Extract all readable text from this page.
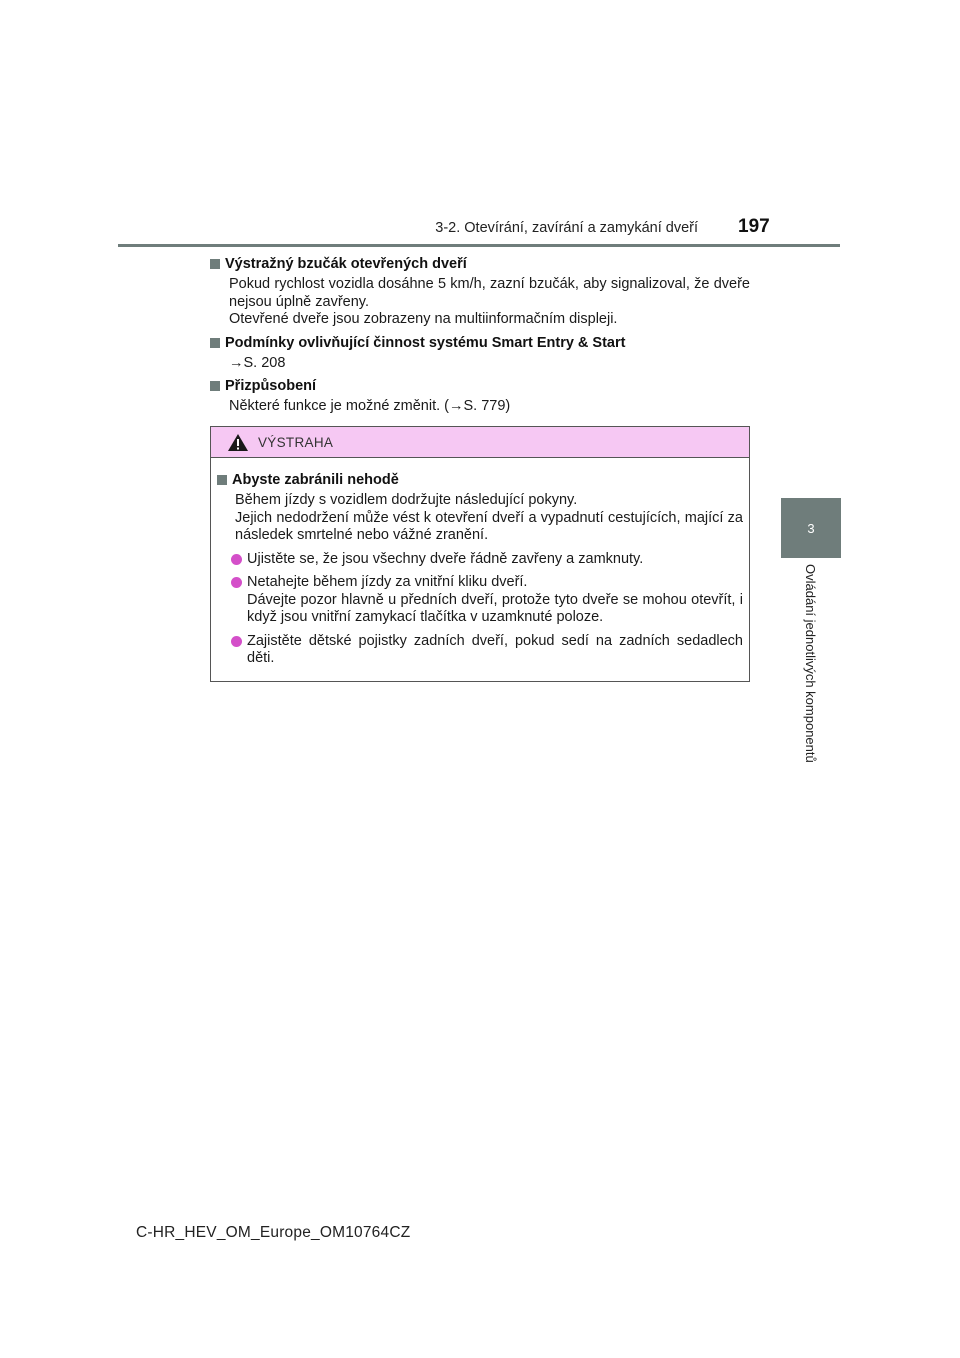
3-2. Otevírání, zavírání a zamykání dveří 197
3
Ovládání jednotlivých komponentů
Výstražný bzučák otevřených dveří

Pokud rychlost vozidla dosáhne 5 km/h, zazní bzučák, aby signalizoval, že dveře nejsou úplně zavřeny.

Otevřené dveře jsou zobrazeny na multiinformačním displeji.

Podmínky ovlivňující činnost systému Smart Entry & Start

→S. 208

Přizpůsobení

Některé funkce je možné změnit. (→S. 779)

VÝSTRAHA
Abyste zabránili nehodě

Během jízdy s vozidlem dodržujte následující pokyny.

Jejich nedodržení může vést k otevření dveří a vypadnutí cestujících, mající za následek smrtelné nebo vážné zranění.

Ujistěte se, že jsou všechny dveře řádně zavřeny a zamknuty.
Netahejte během jízdy za vnitřní kliku dveří.
Dávejte pozor hlavně u předních dveří, protože tyto dveře se mohou otevřít, i když jsou vnitřní zamykací tlačítka v uzamknuté poloze.
Zajistěte dětské pojistky zadních dveří, pokud sedí na zadních sedadlech děti.
C-HR_HEV_OM_Europe_OM10764CZ
